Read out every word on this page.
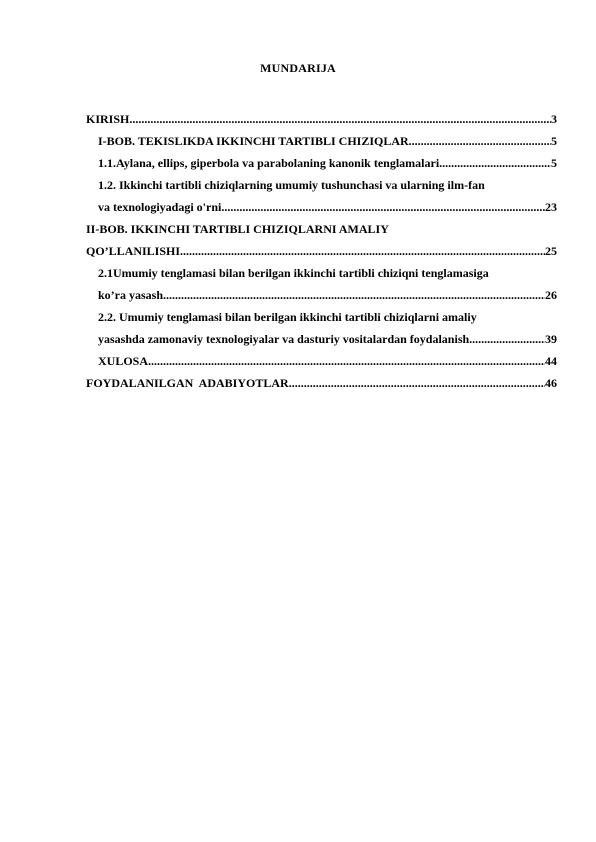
MUNDARIJA
KIRISH .....	3
I-BOB. TEKISLIKDA IKKINCHI TARTIBLI CHIZIQLAR .....	5
1.1.Aylana, ellips, giperbola va parabolaning kanonik tenglamalari .....	5
1.2. Ikkinchi tartibli chiziqlarning umumiy tushunchasi va ularning ilm-fan
va texnologiyadagi o'rni .....	23
II-BOB. IKKINCHI TARTIBLI CHIZIQLARNI AMALIY
QO’LLANILISHI .....	25
2.1Umumiy tenglamasi bilan berilgan ikkinchi tartibli chiziqni tenglamasiga
ko’ra yasash .....	26
2.2. Umumiy tenglamasi bilan berilgan ikkinchi tartibli chiziqlarni amaliy
yasashda zamonaviy texnologiyalar va dasturiy vositalardan foydalanish. .....	39
XULOSA .....	44
FOYDALANILGAN  ADABIYOTLAR .....	46
